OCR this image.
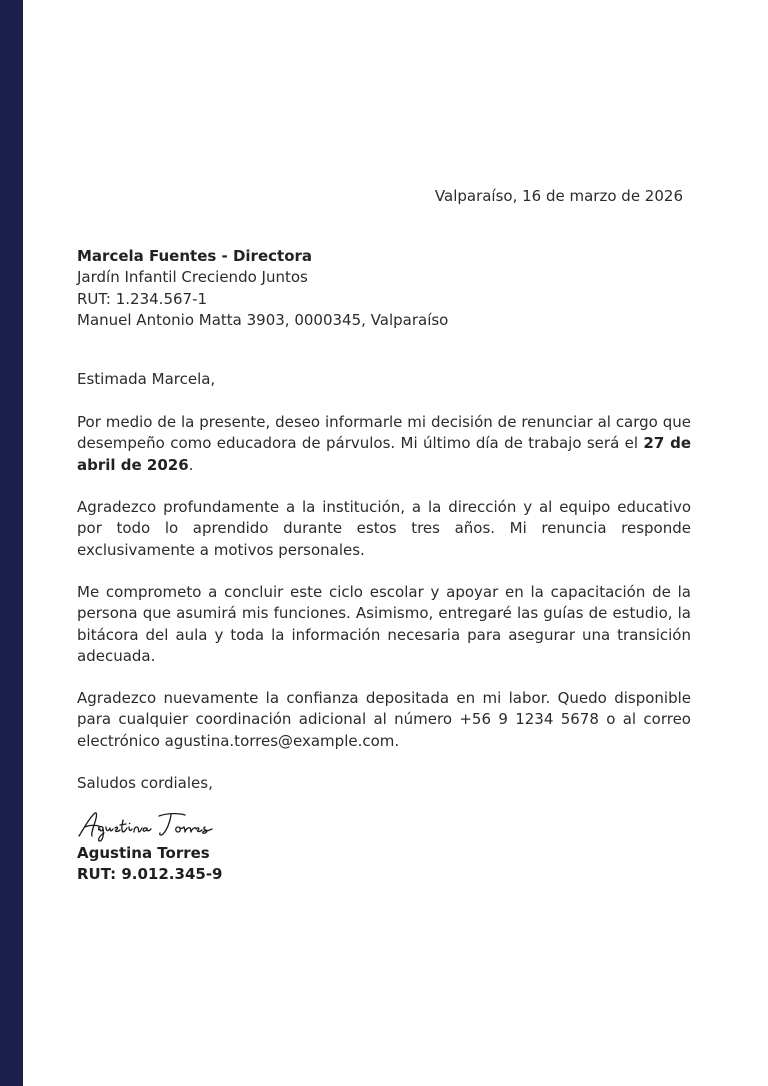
Valparaíso, 16 de marzo de 2026
Marcela Fuentes - Directora
Jardín Infantil Creciendo Juntos
RUT: 1.234.567-1
Manuel Antonio Matta 3903, 0000345, Valparaíso
Estimada Marcela,

Por medio de la presente, deseo informarle mi decisión de renunciar al cargo que desempeño como educadora de párvulos. Mi último día de trabajo será el 27 de abril de 2026.

Agradezco profundamente a la institución, a la dirección y al equipo educativo por todo lo aprendido durante estos tres años. Mi renuncia responde exclusivamente a motivos personales.

Me comprometo a concluir este ciclo escolar y apoyar en la capacitación de la persona que asumirá mis funciones. Asimismo, entregaré las guías de estudio, la bitácora del aula y toda la información necesaria para asegurar una transición adecuada.

Agradezco nuevamente la confianza depositada en mi labor. Quedo disponible para cualquier coordinación adicional al número +56 9 1234 5678 o al correo electrónico agustina.torres@example.com.

Saludos cordiales,
Agustina Torres
RUT: 9.012.345-9
